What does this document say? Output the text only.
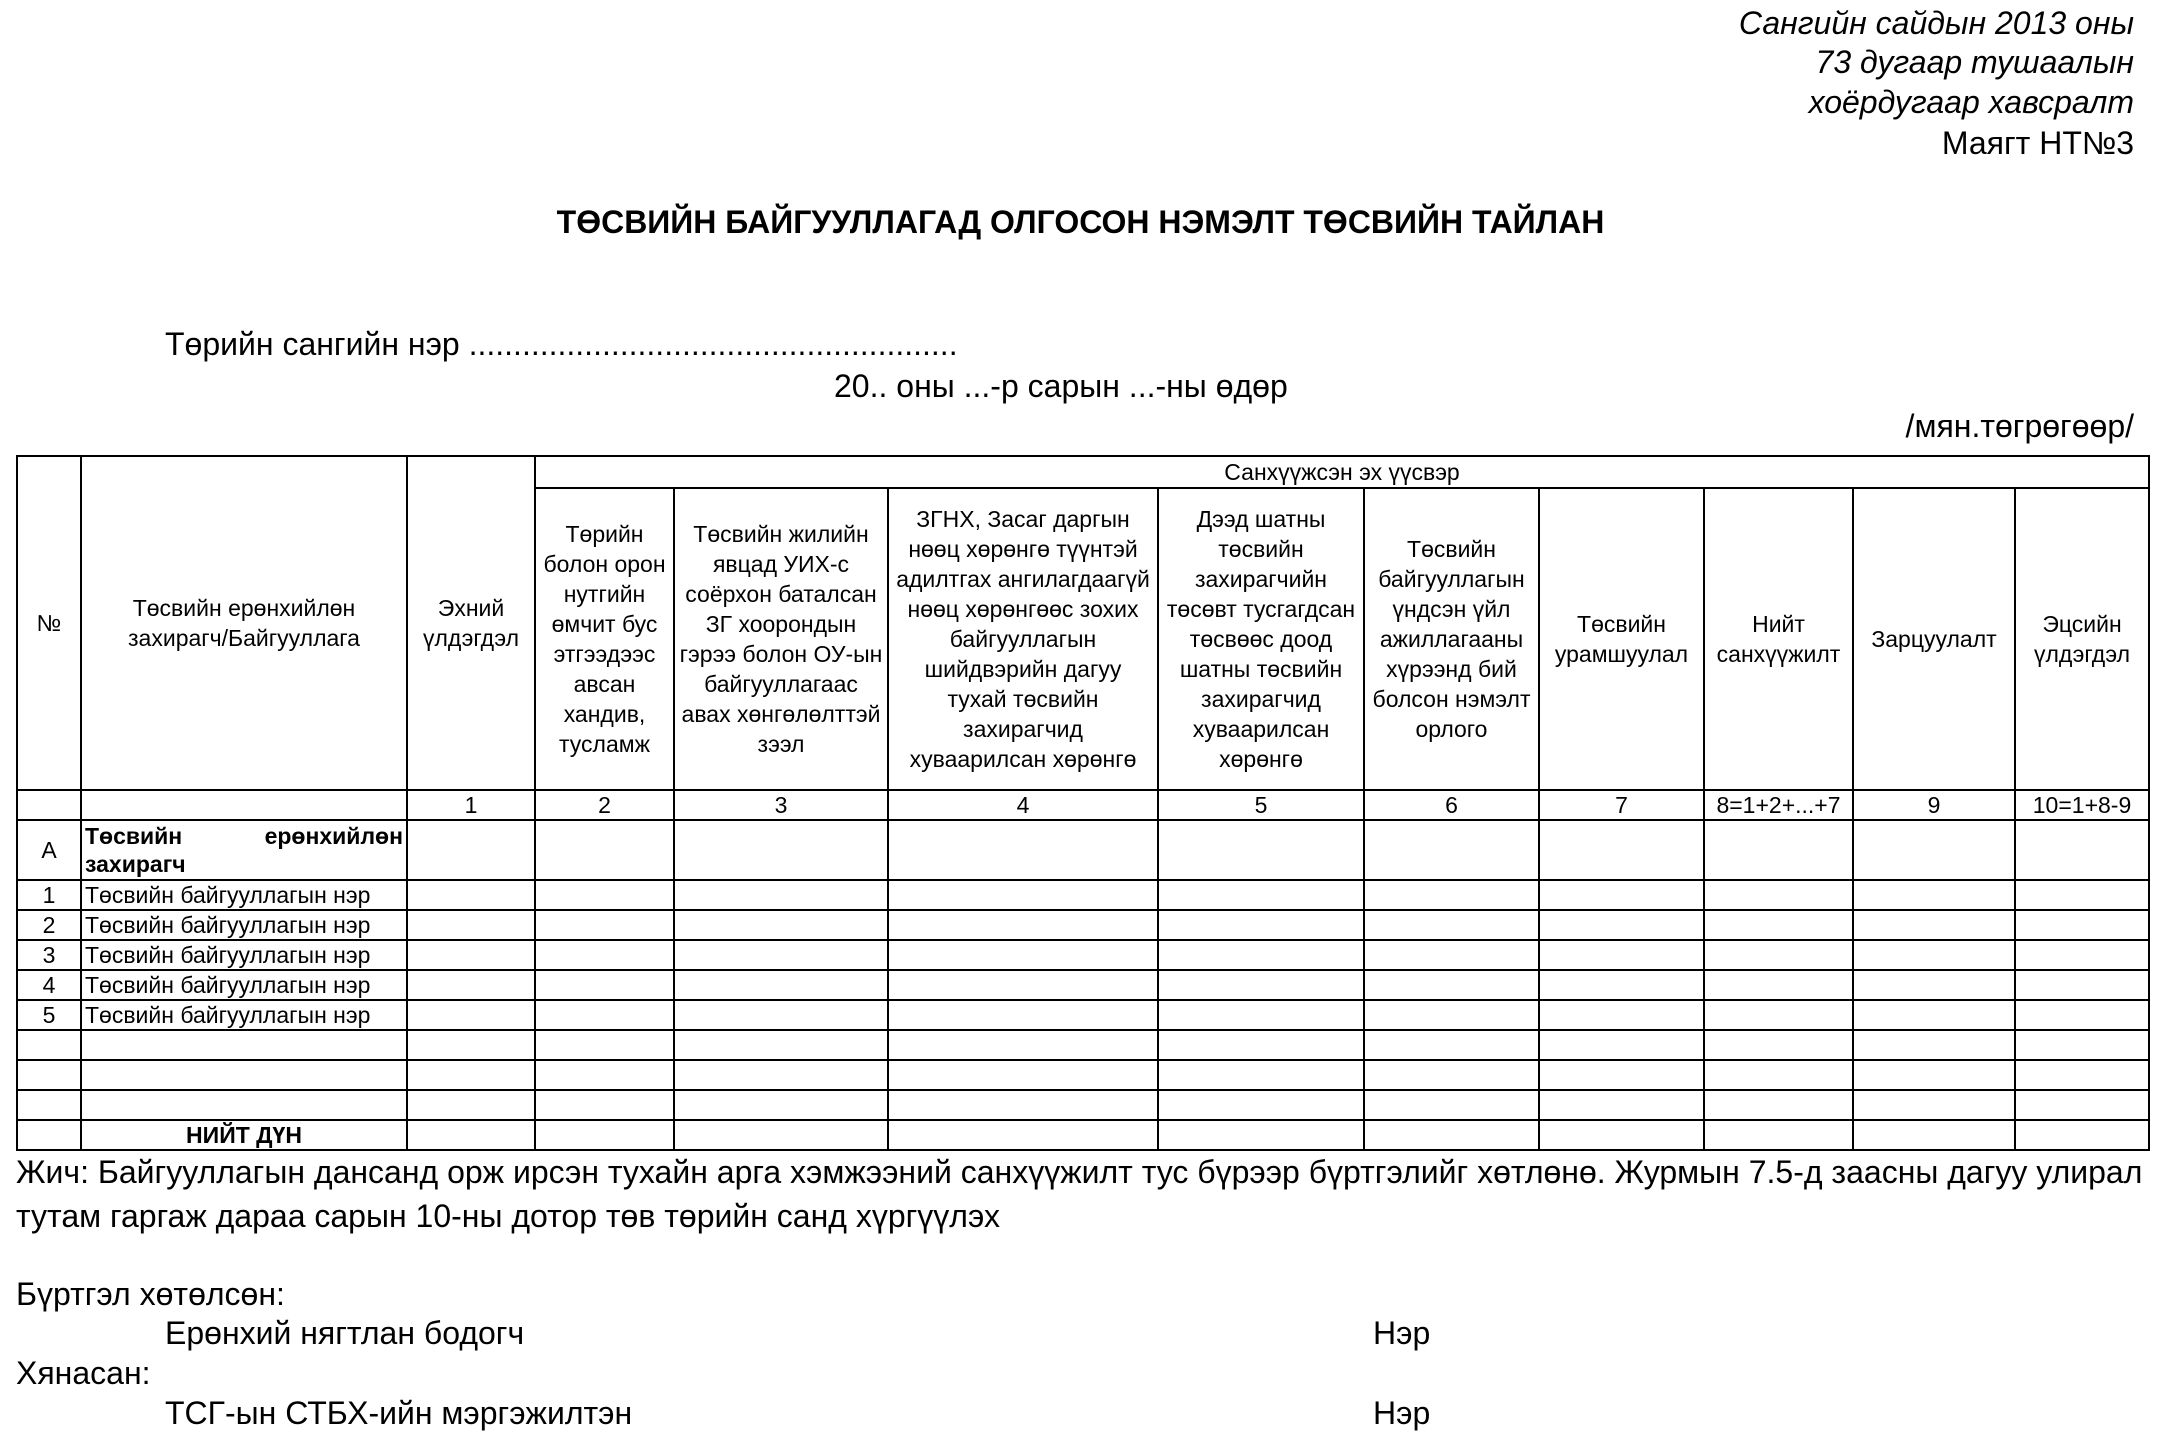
Сангийн сайдын 2013 оны
73 дугаар тушаалын
хоёрдугаар хавсралт
Маягт НТ№3
ТӨСВИЙН БАЙГУУЛЛАГАД ОЛГОСОН НЭМЭЛТ ТӨСВИЙН ТАЙЛАН
Төрийн сангийн нэр .......................................................
20.. оны ...-р сарын ...-ны өдөр
/мян.төгрөгөөр/
№	Төсвийн ерөнхийлөн захирагч/Байгууллага	Эхний үлдэгдэл	Санхүүжсэн эх үүсвэр								
			Төрийн болон орон нутгийн өмчит бус этгээдээс авсан хандив, тусламж	Төсвийн жилийн явцад УИХ-с соёрхон баталсан ЗГ хоорондын гэрээ болон ОУ-ын байгууллагаас авах хөнгөлөлттэй зээл	ЗГНХ, Засаг даргын нөөц хөрөнгө түүнтэй адилтгах ангилагдаагүй нөөц хөрөнгөөс зохих байгууллагын шийдвэрийн дагуу тухай төсвийн захирагчид хуваарилсан хөрөнгө	Дээд шатны төсвийн захирагчийн төсөвт тусгагдсан төсвөөс доод шатны төсвийн захирагчид хуваарилсан хөрөнгө	Төсвийн байгууллагын үндсэн үйл ажиллагааны хүрээнд бий болсон нэмэлт орлого	Төсвийн урамшуулал	Нийт санхүүжилт	Зарцуулалт	Эцсийн үлдэгдэл
		1	2	3	4	5	6	7	8=1+2+...+7	9	10=1+8-9
А	Төсвийн ерөнхийлөн захирагч										
1	Төсвийн байгууллагын нэр										
2	Төсвийн байгууллагын нэр										
3	Төсвийн байгууллагын нэр										
4	Төсвийн байгууллагын нэр										
5	Төсвийн байгууллагын нэр										

	НИЙТ ДҮН										
Жич: Байгууллагын дансанд орж ирсэн тухайн арга хэмжээний санхүүжилт тус бүрээр бүртгэлийг хөтлөнө. Журмын 7.5-д заасны дагуу улирал тутам гаргаж дараа сарын 10-ны дотор төв төрийн санд хүргүүлэх
Бүртгэл хөтөлсөн:
Ерөнхий нягтлан бодогч	Нэр
Хянасан:
ТСГ-ын СТБХ-ийн мэргэжилтэн	Нэр
